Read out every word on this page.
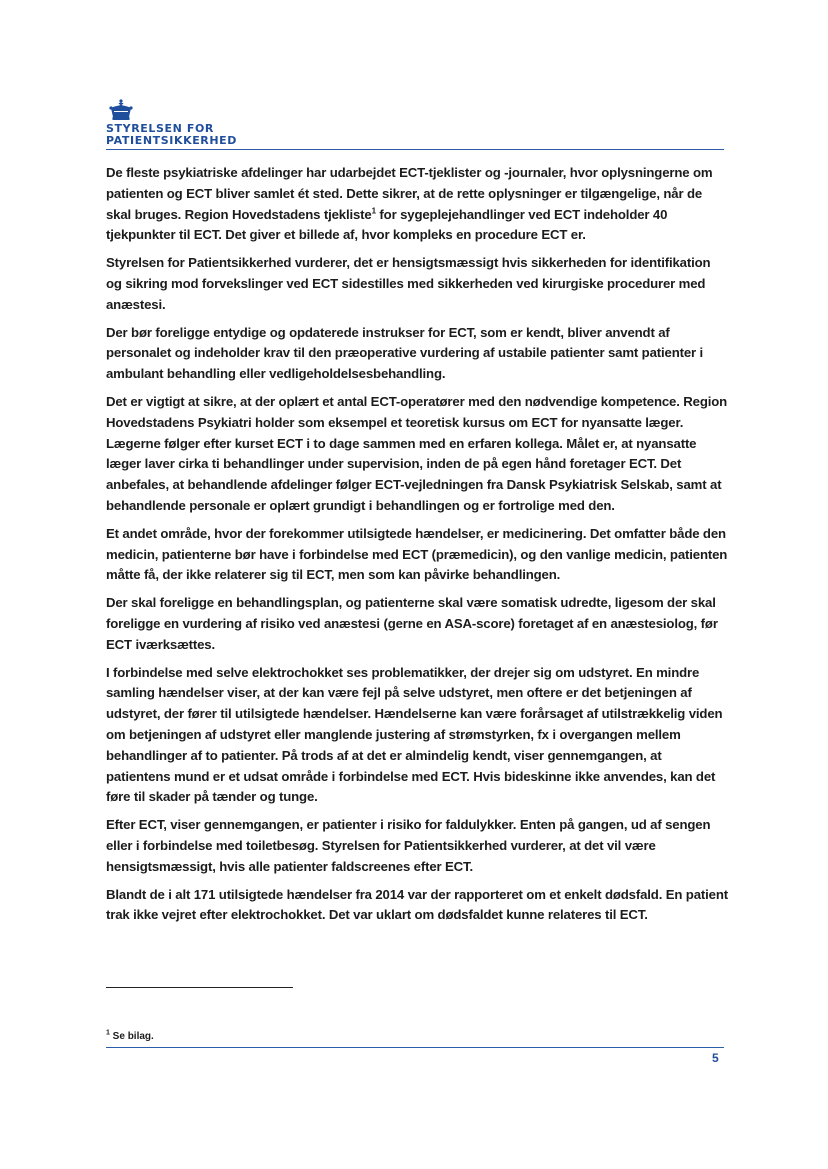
STYRELSEN FOR
PATIENTSIKKERHED

De fleste psykiatriske afdelinger har udarbejdet ECT-tjeklister og -journaler, hvor oplysningerne om patienten og ECT bliver samlet ét sted. Dette sikrer, at de rette oplysninger er tilgængelige, når de skal bruges. Region Hovedstadens tjekliste$^1$ for sygeplejehandlinger ved ECT indeholder 40 tjekpunkter til ECT. Det giver et billede af, hvor kompleks en procedure ECT er.

Styrelsen for Patientsikkerhed vurderer, det er hensigtsmæssigt hvis sikkerheden for identifikation og sikring mod forvekslinger ved ECT sidestilles med sikkerheden ved kirurgiske procedurer med anæstesi.

Der bør foreligge entydige og opdaterede instrukser for ECT, som er kendt, bliver anvendt af personalet og indeholder krav til den præoperative vurdering af ustabile patienter samt patienter i ambulant behandling eller vedligeholdelsesbehandling.

Det er vigtigt at sikre, at der oplært et antal ECT-operatører med den nødvendige kompetence. Region Hovedstadens Psykiatri holder som eksempel et teoretisk kursus om ECT for nyansatte læger. Lægerne følger efter kurset ECT i to dage sammen med en erfaren kollega. Målet er, at nyansatte læger laver cirka ti behandlinger under supervision, inden de på egen hånd foretager ECT. Det anbefales, at behandlende afdelinger følger ECT-vejledningen fra Dansk Psykiatrisk Selskab, samt at behandlende personale er oplært grundigt i behandlingen og er fortrolige med den.

Et andet område, hvor der forekommer utilsigtede hændelser, er medicinering. Det omfatter både den medicin, patienterne bør have i forbindelse med ECT (præmedicin), og den vanlige medicin, patienten måtte få, der ikke relaterer sig til ECT, men som kan påvirke behandlingen.

Der skal foreligge en behandlingsplan, og patienterne skal være somatisk udredte, ligesom der skal foreligge en vurdering af risiko ved anæstesi (gerne en ASA-score) foretaget af en anæstesiolog, før ECT iværksættes.

I forbindelse med selve elektrochokket ses problematikker, der drejer sig om udstyret. En mindre samling hændelser viser, at der kan være fejl på selve udstyret, men oftere er det betjeningen af udstyret, der fører til utilsigtede hændelser. Hændelserne kan være forårsaget af utilstrækkelig viden om betjeningen af udstyret eller manglende justering af strømstyrken, fx i overgangen mellem behandlinger af to patienter. På trods af at det er almindelig kendt, viser gennemgangen, at patientens mund er et udsat område i forbindelse med ECT. Hvis bideskinne ikke anvendes, kan det føre til skader på tænder og tunge.

Efter ECT, viser gennemgangen, er patienter i risiko for faldulykker. Enten på gangen, ud af sengen eller i forbindelse med toiletbesøg. Styrelsen for Patientsikkerhed vurderer, at det vil være hensigtsmæssigt, hvis alle patienter faldscreenes efter ECT.

Blandt de i alt 171 utilsigtede hændelser fra 2014 var der rapporteret om et enkelt dødsfald. En patient trak ikke vejret efter elektrochokket. Det var uklart om dødsfaldet kunne relateres til ECT.

$^1$ Se bilag.
5
